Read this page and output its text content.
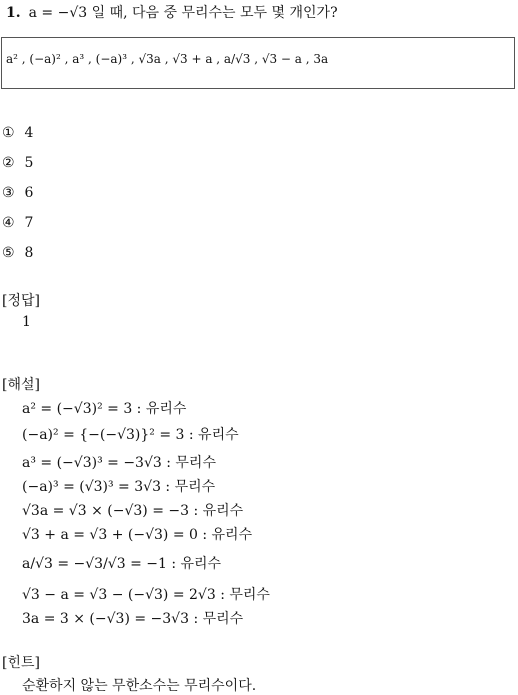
1. a = −√3 일 때, 다음 중 무리수는 모두 몇 개인가?
a² , (−a)² , a³ , (−a)³ , √3a , √3 + a , a/√3 , √3 − a , 3a
① 4
② 5
③ 6
④ 7
⑤ 8
[정답]
1
[해설]
a² = (−√3)² = 3 : 유리수
(−a)² = {−(−√3)}² = 3 : 유리수
a³ = (−√3)³ = −3√3 : 무리수
(−a)³ = (√3)³ = 3√3 : 무리수
√3a = √3 × (−√3) = −3 : 유리수
√3 + a = √3 + (−√3) = 0 : 유리수
a/√3 = −√3/√3 = −1 : 유리수
√3 − a = √3 − (−√3) = 2√3 : 무리수
3a = 3 × (−√3) = −3√3 : 무리수
[힌트]
순환하지 않는 무한소수는 무리수이다.
